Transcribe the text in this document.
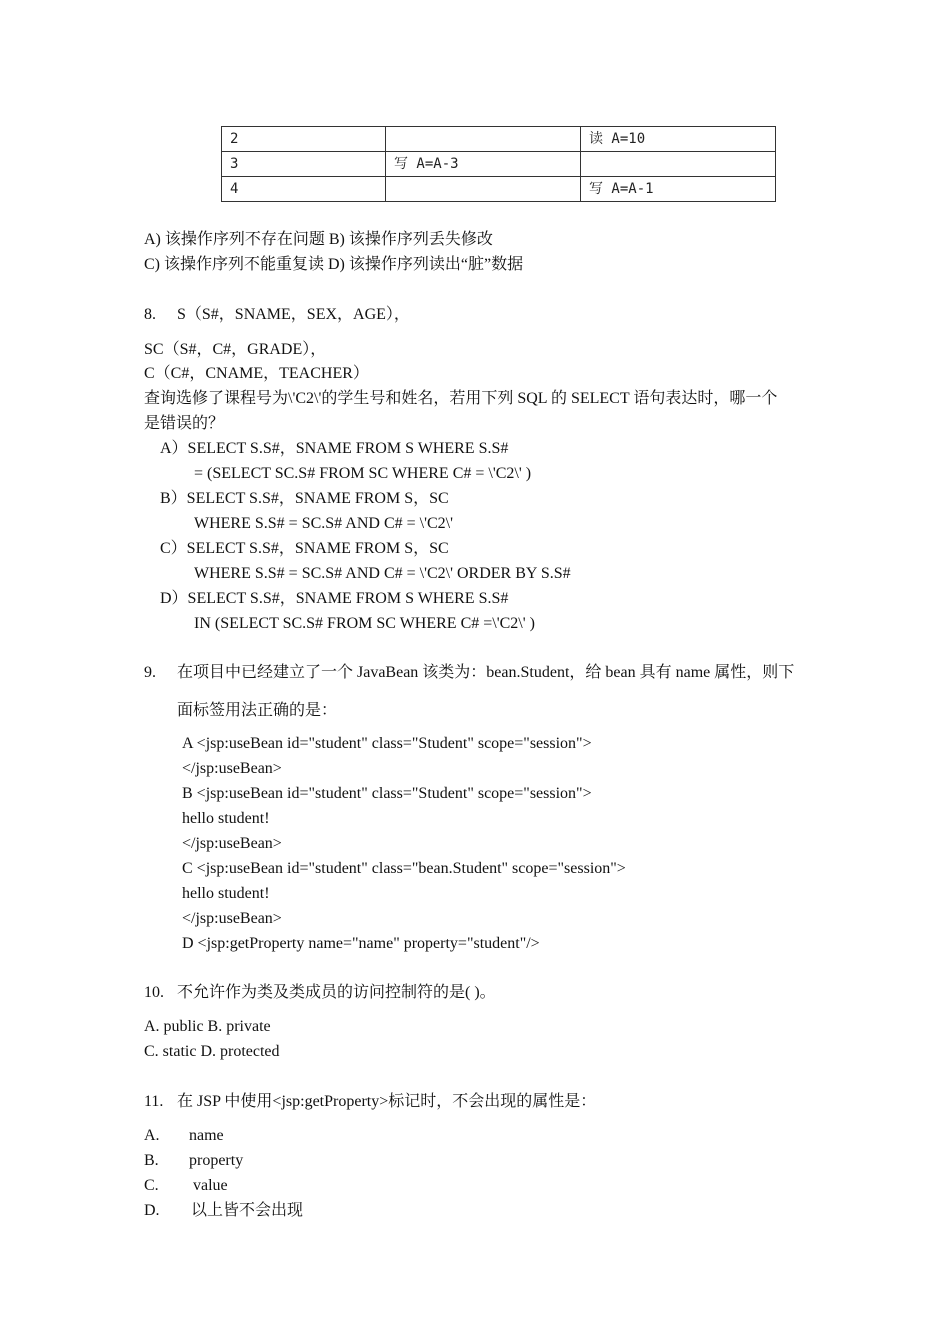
2		读 A=10
3	写 A=A-3	
4		写 A=A-1
A) 该操作序列不存在问题 B) 该操作序列丢失修改
C) 该操作序列不能重复读 D) 该操作序列读出“脏”数据
8. S（S#，SNAME，SEX，AGE），
SC（S#，C#，GRADE），
C（C#，CNAME，TEACHER）
查询选修了课程号为\'C2\'的学生号和姓名，若用下列 SQL 的 SELECT 语句表达时，哪一个
是错误的？
A）SELECT S.S#，SNAME FROM S WHERE S.S#
= (SELECT SC.S# FROM SC WHERE C# = \'C2\' )
B）SELECT S.S#，SNAME FROM S，SC
WHERE S.S# = SC.S# AND C# = \'C2\'
C）SELECT S.S#，SNAME FROM S，SC
WHERE S.S# = SC.S# AND C# = \'C2\' ORDER BY S.S#
D）SELECT S.S#，SNAME FROM S WHERE S.S#
IN (SELECT SC.S# FROM SC WHERE C# =\'C2\' )
9. 在项目中已经建立了一个 JavaBean 该类为：bean.Student，给 bean 具有 name 属性，则下
面标签用法正确的是：
A <jsp:useBean id="student" class="Student" scope="session">
</jsp:useBean>
B <jsp:useBean id="student" class="Student" scope="session">
hello student!
</jsp:useBean>
C <jsp:useBean id="student" class="bean.Student" scope="session">
hello student!
</jsp:useBean>
D <jsp:getProperty name="name" property="student"/>
10. 不允许作为类及类成员的访问控制符的是( )。
A. public B. private
C. static D. protected
11. 在 JSP 中使用<jsp:getProperty>标记时，不会出现的属性是：
A. name
B. property
C. value
D. 以上皆不会出现
